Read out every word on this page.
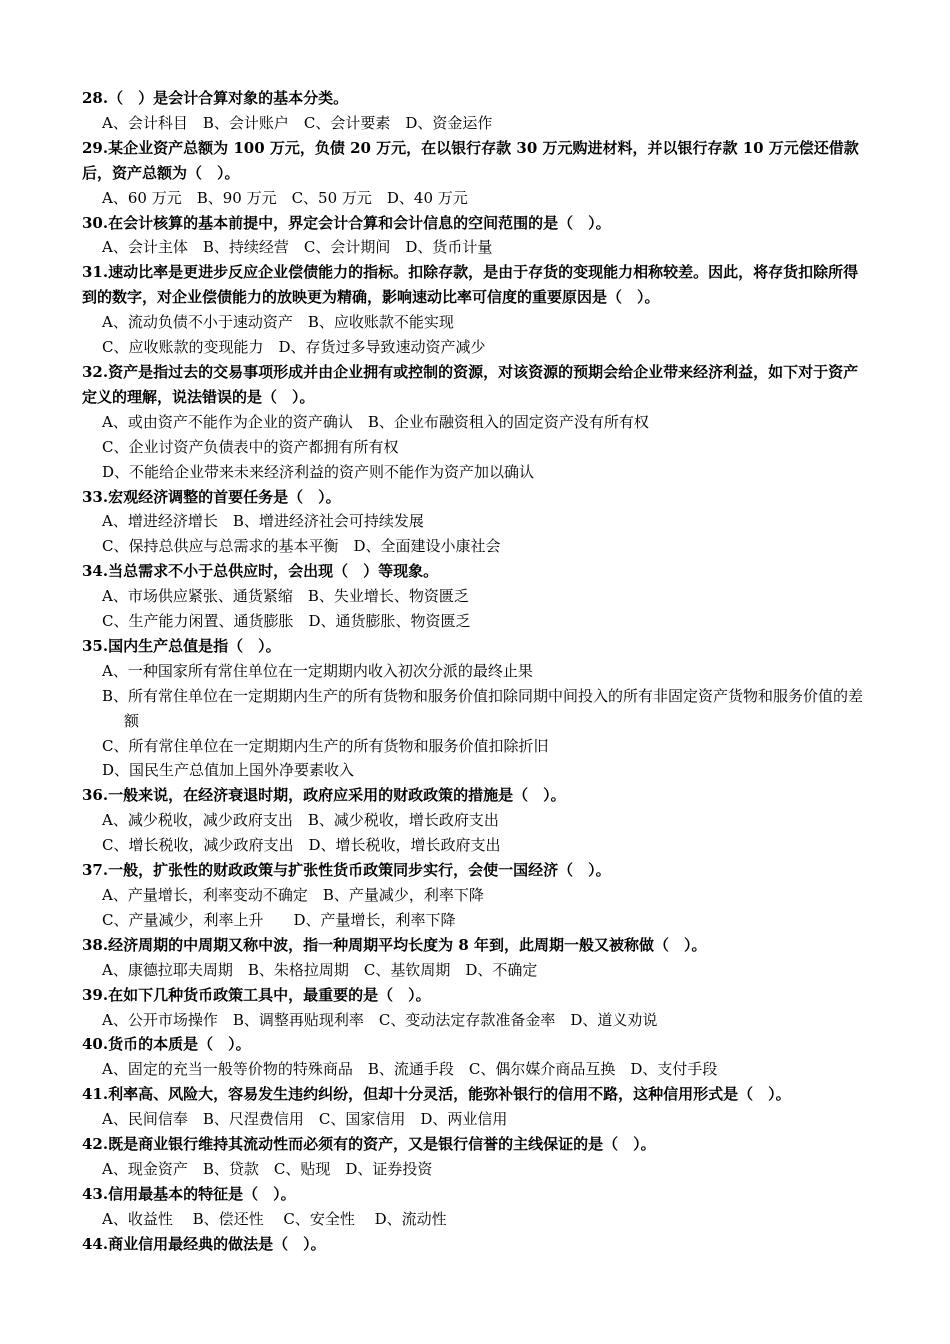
28.（　）是会计合算对象的基本分类。

A、会计科目　B、会计账户　C、会计要素　D、资金运作

29.某企业资产总额为 100 万元，负债 20 万元，在以银行存款 30 万元购进材料，并以银行存款 10 万元偿还借款后，资产总额为（　）。

A、60 万元　B、90 万元　C、50 万元　D、40 万元

30.在会计核算的基本前提中，界定会计合算和会计信息的空间范围的是（　）。

A、会计主体　B、持续经营　C、会计期间　D、货币计量

31.速动比率是更进步反应企业偿债能力的指标。扣除存款，是由于存货的变现能力相称较差。因此，将存货扣除所得到的数字，对企业偿债能力的放映更为精确，影响速动比率可信度的重要原因是（　）。

A、流动负债不小于速动资产　B、应收账款不能实现

C、应收账款的变现能力　D、存货过多导致速动资产减少

32.资产是指过去的交易事项形成并由企业拥有或控制的资源，对该资源的预期会给企业带来经济利益，如下对于资产定义的理解，说法错误的是（　）。

A、或由资产不能作为企业的资产确认　B、企业布融资租入的固定资产没有所有权

C、企业讨资产负债表中的资产都拥有所有权

D、不能给企业带来未来经济利益的资产则不能作为资产加以确认

33.宏观经济调整的首要任务是（　）。

A、增进经济增长　B、增进经济社会可持续发展

C、保持总供应与总需求的基本平衡　D、全面建设小康社会

34.当总需求不小于总供应时，会出现（　）等现象。

A、市场供应紧张、通货紧缩　B、失业增长、物资匮乏

C、生产能力闲置、通货膨胀　D、通货膨胀、物资匮乏

35.国内生产总值是指（　）。

A、一种国家所有常住单位在一定期期内收入初次分派的最终止果

B、所有常住单位在一定期期内生产的所有货物和服务价值扣除同期中间投入的所有非固定资产货物和服务价值的差额

C、所有常住单位在一定期期内生产的所有货物和服务价值扣除折旧

D、国民生产总值加上国外净要素收入

36.一般来说，在经济衰退时期，政府应采用的财政政策的措施是（　）。

A、减少税收，减少政府支出　B、减少税收，增长政府支出

C、增长税收，减少政府支出　D、增长税收，增长政府支出

37.一般，扩张性的财政政策与扩张性货币政策同步实行，会使一国经济（　）。

A、产量增长，利率变动不确定　B、产量减少，利率下降

C、产量减少，利率上升　　D、产量增长，利率下降

38.经济周期的中周期又称中波，指一种周期平均长度为 8 年到，此周期一般又被称做（　）。

A、康德拉耶夫周期　B、朱格拉周期　C、基钦周期　D、不确定

39.在如下几种货币政策工具中，最重要的是（　）。

A、公开市场操作　B、调整再贴现利率　C、变动法定存款准备金率　D、道义劝说

40.货币的本质是（　）。

A、固定的充当一般等价物的特殊商品　B、流通手段　C、偶尔媒介商品互换　D、支付手段

41.利率高、风险大，容易发生违约纠纷，但却十分灵活，能弥补银行的信用不路，这种信用形式是（　）。

A、民间信奉　B、尺涅费信用　C、国家信用　D、两业信用

42.既是商业银行维持其流动性而必须有的资产，又是银行信誉的主线保证的是（　）。

A、现金资产　B、贷款　C、贴现　D、证券投资

43.信用最基本的特征是（　）。

A、收益性　 B、偿还性　 C、安全性　 D、流动性

44.商业信用最经典的做法是（　）。
